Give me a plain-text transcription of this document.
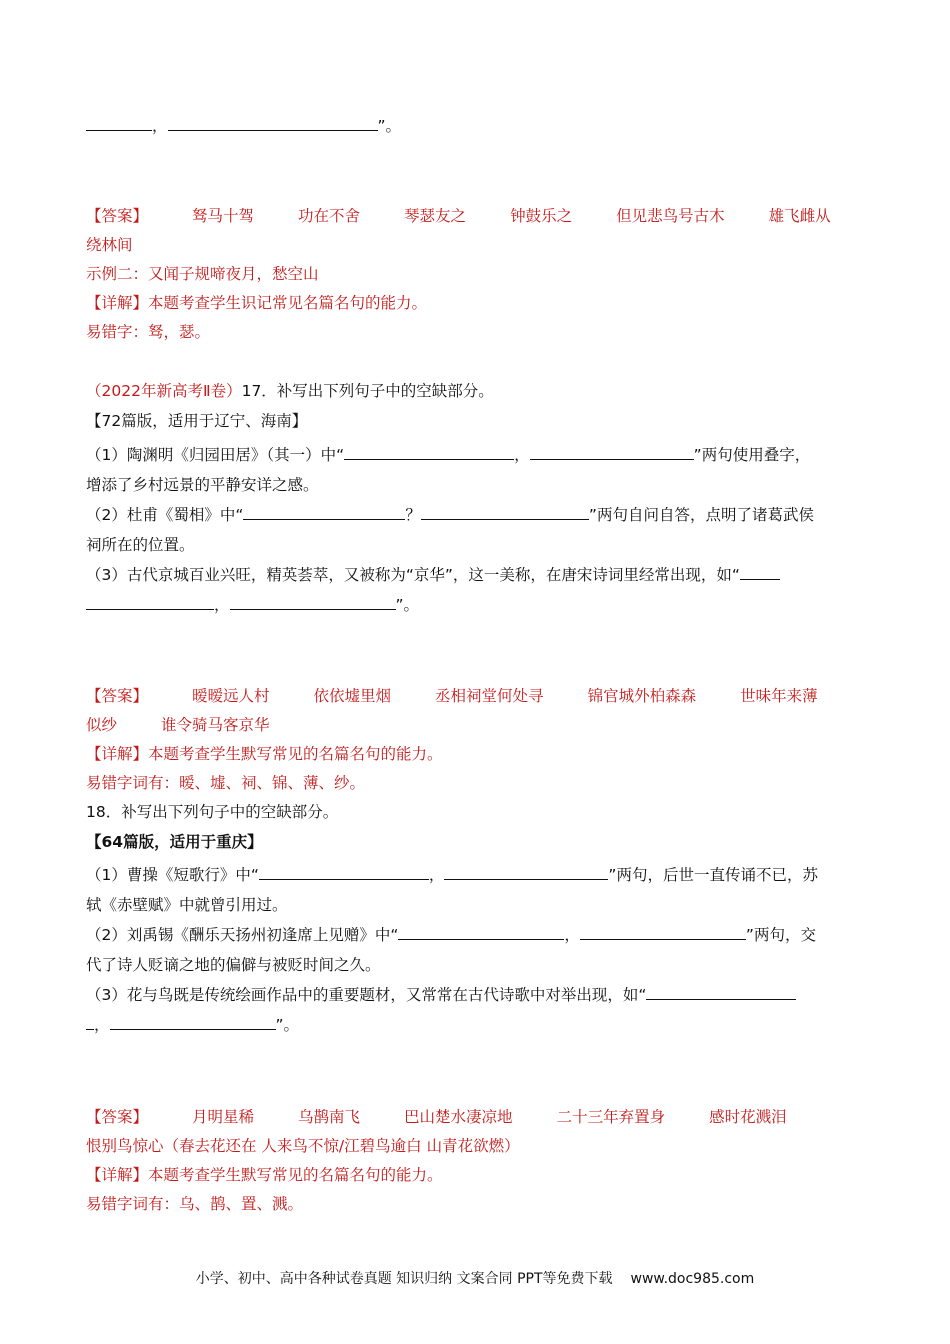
，	”。
【答案】	驽马十驾	功在不舍	琴瑟友之	钟鼓乐之	但见悲鸟号古木	雄飞雌从
绕林间
示例二：又闻子规啼夜月，愁空山
【详解】本题考查学生识记常见名篇名句的能力。
易错字：驽，瑟。
（2022年新高考Ⅱ卷）17．补写出下列句子中的空缺部分。
【72篇版，适用于辽宁、海南】
（1）陶渊明《归园田居》（其一）中“	，	”两句使用叠字，
增添了乡村远景的平静安详之感。
（2）杜甫《蜀相》中“	？	”两句自问自答，点明了诸葛武侯
祠所在的位置。
（3）古代京城百业兴旺，精英荟萃，又被称为“京华”，这一美称，在唐宋诗词里经常出现，如“
，	”。
【答案】	暧暧远人村	依依墟里烟	丞相祠堂何处寻	锦官城外柏森森	世味年来薄
似纱	谁令骑马客京华
【详解】本题考查学生默写常见的名篇名句的能力。
易错字词有：暧、墟、祠、锦、薄、纱。
18．补写出下列句子中的空缺部分。
【64篇版，适用于重庆】
（1）曹操《短歌行》中“	，	”两句，后世一直传诵不已，苏
轼《赤壁赋》中就曾引用过。
（2）刘禹锡《酬乐天扬州初逢席上见赠》中“	，	”两句，交
代了诗人贬谪之地的偏僻与被贬时间之久。
（3）花与鸟既是传统绘画作品中的重要题材，又常常在古代诗歌中对举出现，如“
，	”。
【答案】	月明星稀	乌鹊南飞	巴山楚水凄凉地	二十三年弃置身	感时花溅泪
恨别鸟惊心（春去花还在 人来鸟不惊/江碧鸟逾白 山青花欲燃）
【详解】本题考查学生默写常见的名篇名句的能力。
易错字词有：乌、鹊、置、溅。
小学、初中、高中各种试卷真题 知识归纳 文案合同 PPT等免费下载 www.doc985.com
